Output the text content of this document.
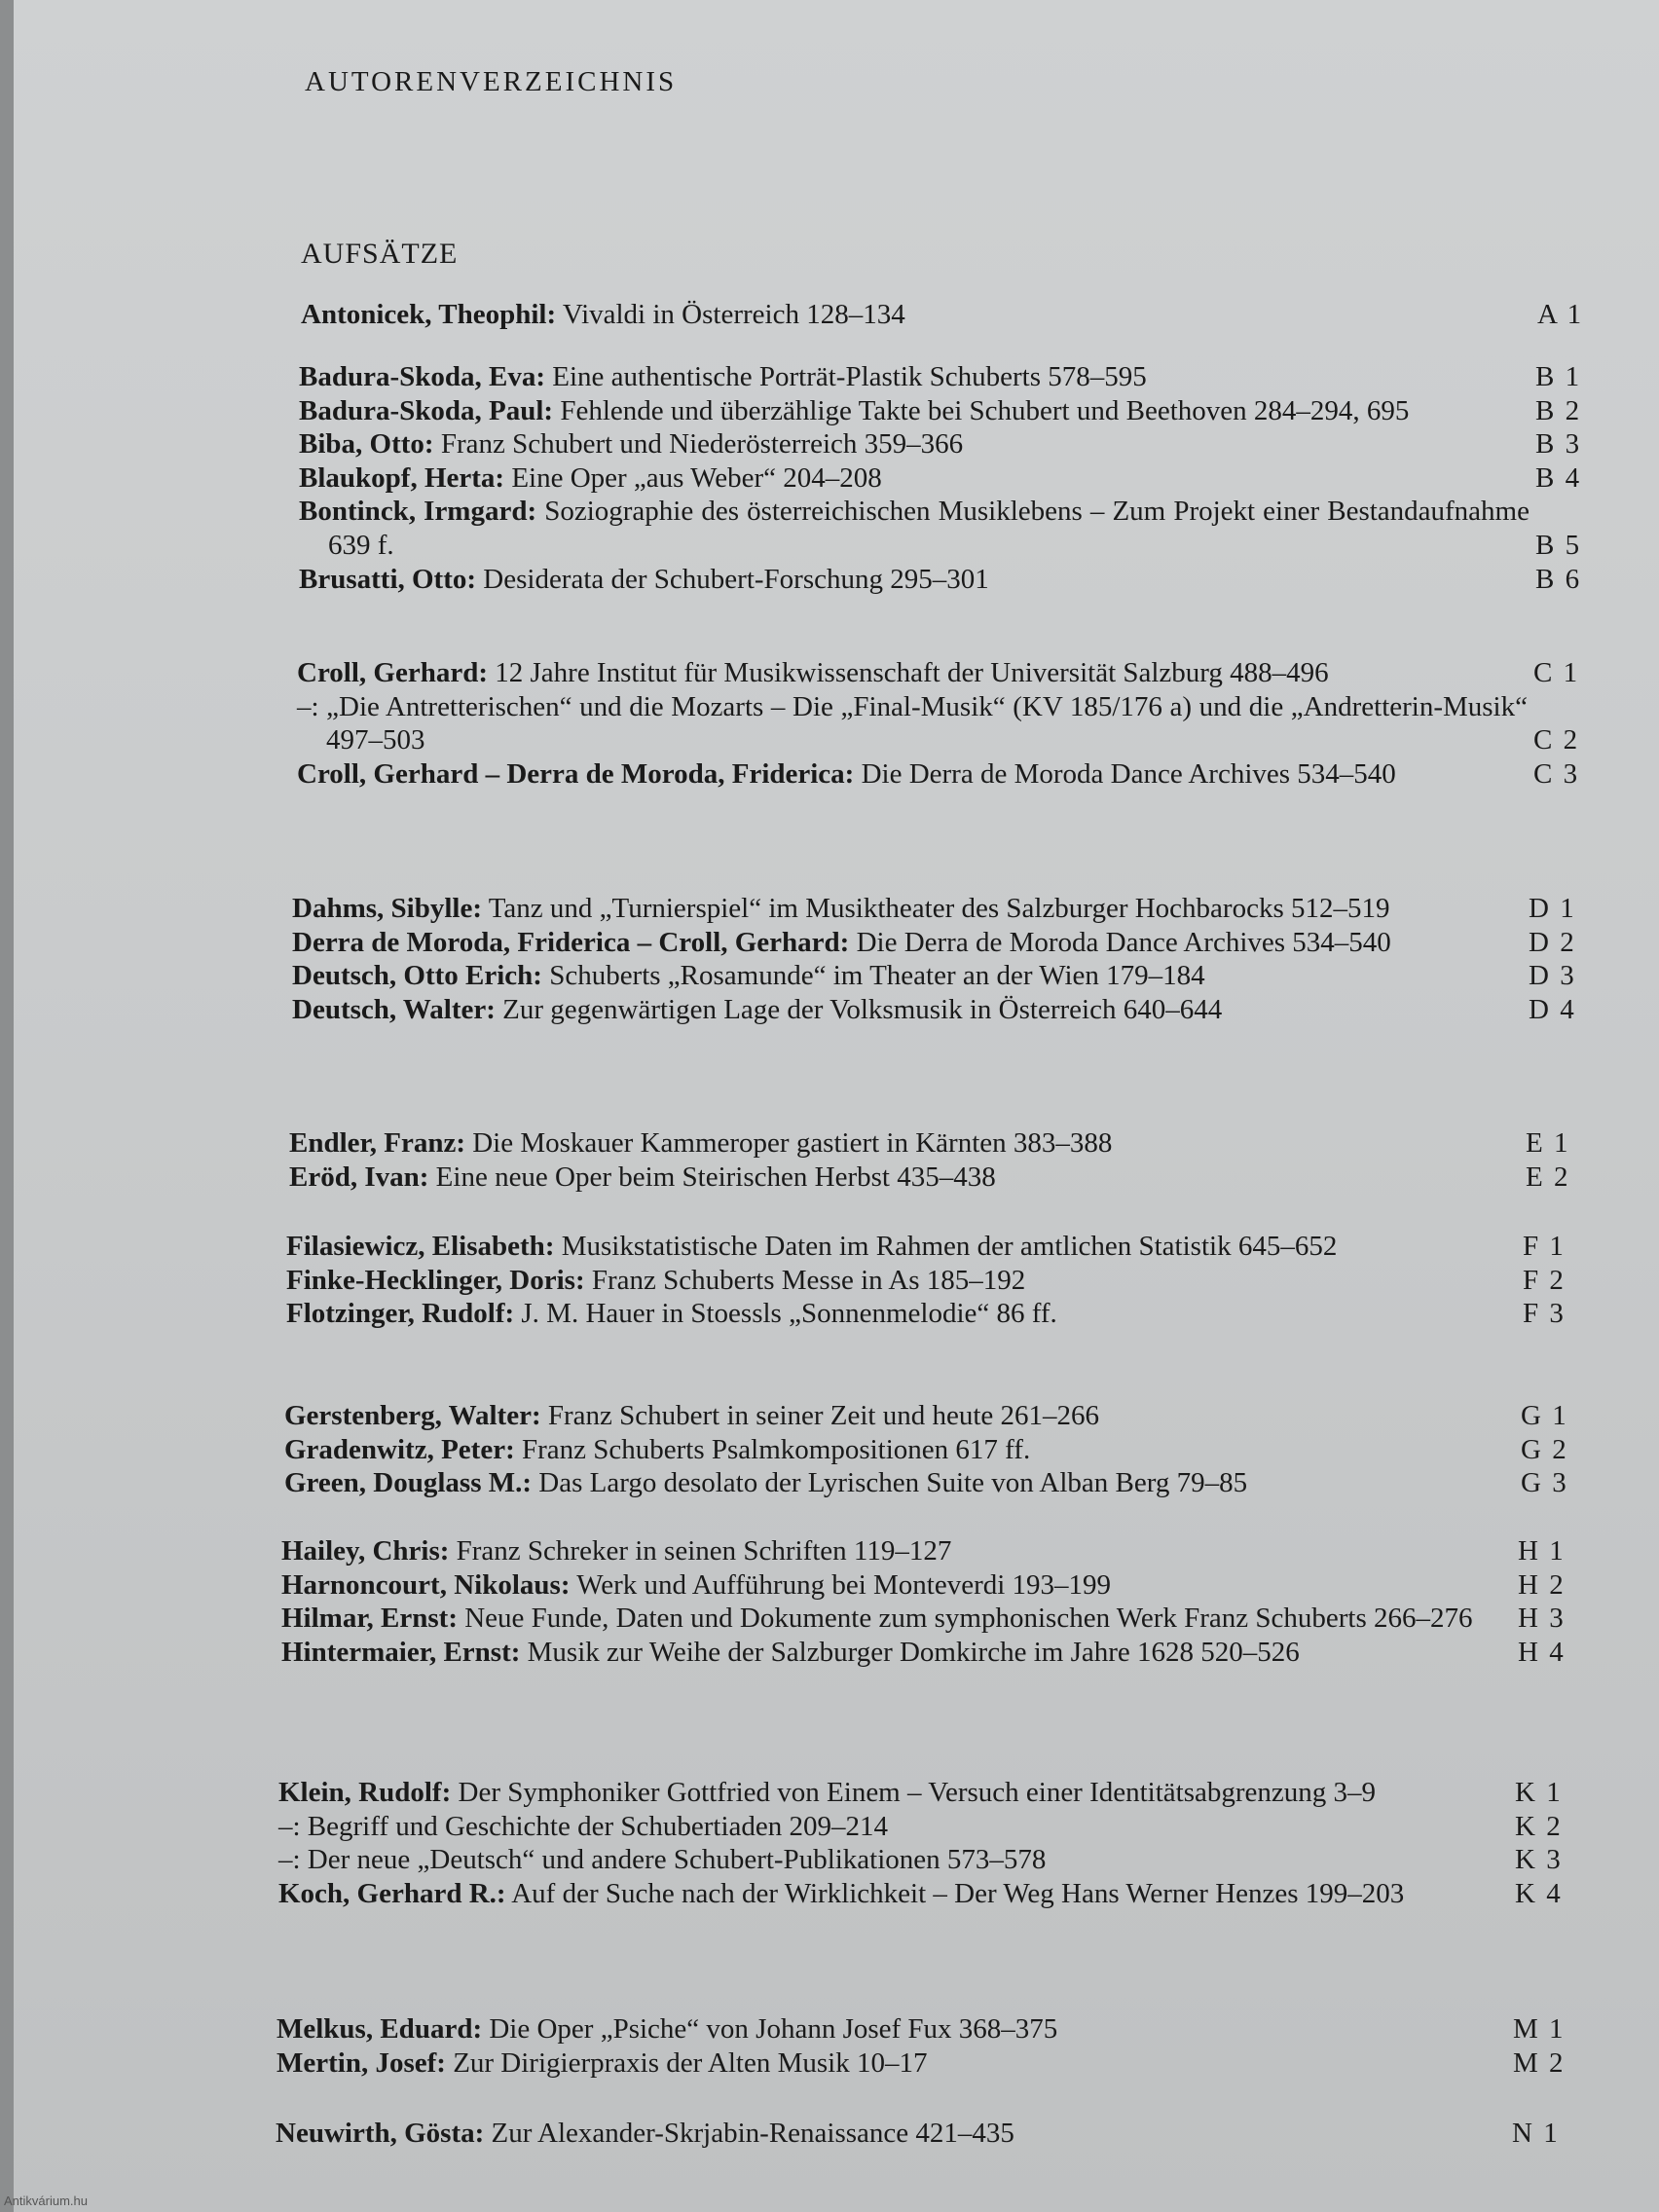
AUTORENVERZEICHNIS
AUFSÄTZE
Antonicek, Theophil: Vivaldi in Österreich 128–134	A 1
Badura-Skoda, Eva: Eine authentische Porträt-Plastik Schuberts 578–595	B 1
Badura-Skoda, Paul: Fehlende und überzählige Takte bei Schubert und Beethoven 284–294, 695	B 2
Biba, Otto: Franz Schubert und Niederösterreich 359–366	B 3
Blaukopf, Herta: Eine Oper „aus Weber“ 204–208	B 4
Bontinck, Irmgard: Soziographie des österreichischen Musiklebens – Zum Projekt einer Bestandaufnahme 639 f.	B 5
Brusatti, Otto: Desiderata der Schubert-Forschung 295–301	B 6
Croll, Gerhard: 12 Jahre Institut für Musikwissenschaft der Universität Salzburg 488–496	C 1
–: „Die Antretterischen“ und die Mozarts – Die „Final-Musik“ (KV 185/176 a) und die „Andretterin-Musik“ 497–503	C 2
Croll, Gerhard – Derra de Moroda, Friderica: Die Derra de Moroda Dance Archives 534–540	C 3
Dahms, Sibylle: Tanz und „Turnierspiel“ im Musiktheater des Salzburger Hochbarocks 512–519	D 1
Derra de Moroda, Friderica – Croll, Gerhard: Die Derra de Moroda Dance Archives 534–540	D 2
Deutsch, Otto Erich: Schuberts „Rosamunde“ im Theater an der Wien 179–184	D 3
Deutsch, Walter: Zur gegenwärtigen Lage der Volksmusik in Österreich 640–644	D 4
Endler, Franz: Die Moskauer Kammeroper gastiert in Kärnten 383–388	E 1
Eröd, Ivan: Eine neue Oper beim Steirischen Herbst 435–438	E 2
Filasiewicz, Elisabeth: Musikstatistische Daten im Rahmen der amtlichen Statistik 645–652	F 1
Finke-Hecklinger, Doris: Franz Schuberts Messe in As 185–192	F 2
Flotzinger, Rudolf: J. M. Hauer in Stoessls „Sonnenmelodie“ 86 ff.	F 3
Gerstenberg, Walter: Franz Schubert in seiner Zeit und heute 261–266	G 1
Gradenwitz, Peter: Franz Schuberts Psalmkompositionen 617 ff.	G 2
Green, Douglass M.: Das Largo desolato der Lyrischen Suite von Alban Berg 79–85	G 3
Hailey, Chris: Franz Schreker in seinen Schriften 119–127	H 1
Harnoncourt, Nikolaus: Werk und Aufführung bei Monteverdi 193–199	H 2
Hilmar, Ernst: Neue Funde, Daten und Dokumente zum symphonischen Werk Franz Schuberts 266–276	H 3
Hintermaier, Ernst: Musik zur Weihe der Salzburger Domkirche im Jahre 1628 520–526	H 4
Klein, Rudolf: Der Symphoniker Gottfried von Einem – Versuch einer Identitätsabgrenzung 3–9	K 1
–: Begriff und Geschichte der Schubertiaden 209–214	K 2
–: Der neue „Deutsch“ und andere Schubert-Publikationen 573–578	K 3
Koch, Gerhard R.: Auf der Suche nach der Wirklichkeit – Der Weg Hans Werner Henzes 199–203	K 4
Melkus, Eduard: Die Oper „Psiche“ von Johann Josef Fux 368–375	M 1
Mertin, Josef: Zur Dirigierpraxis der Alten Musik 10–17	M 2
Neuwirth, Gösta: Zur Alexander-Skrjabin-Renaissance 421–435	N 1
Antikvárium.hu
